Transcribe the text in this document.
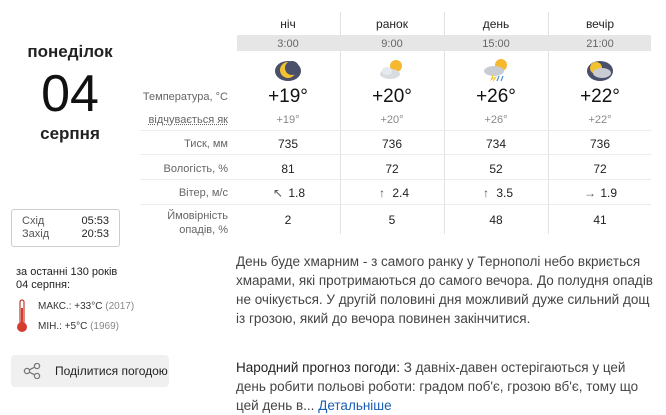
понеділок
04
серпня
Схід	05:53
Захід	20:53
за останні 130 років
04 серпня:
МАКС.: +33°C (2017)
МІН.: +5°C (1969)
Поділитися погодою
ніч	ранок	день	вечір
3:00	9:00	15:00	21:00
Температура, °C	+19°	+20°	+26°	+22°
відчувається як	+19°	+20°	+26°	+22°
Тиск, мм	735	736	734	736
Вологість, %	81	72	52	72
Вітер, м/c	↖ 1.8	↑ 2.4	↑ 3.5	→ 1.9
Ймовірність
опадів, %
2	5	48	41
День буде хмарним - з самого ранку у Тернополі небо вкриється хмарами, які протримаються до самого вечора. До полудня опадів не очікується. У другій половині дня можливий дуже сильний дощ із грозою, який до вечора повинен закінчитися.
Народний прогноз погоди: З давніх-давен остерігаються у цей день робити польові роботи: градом поб'є, грозою вб'є, тому що цей день в... Детальніше
